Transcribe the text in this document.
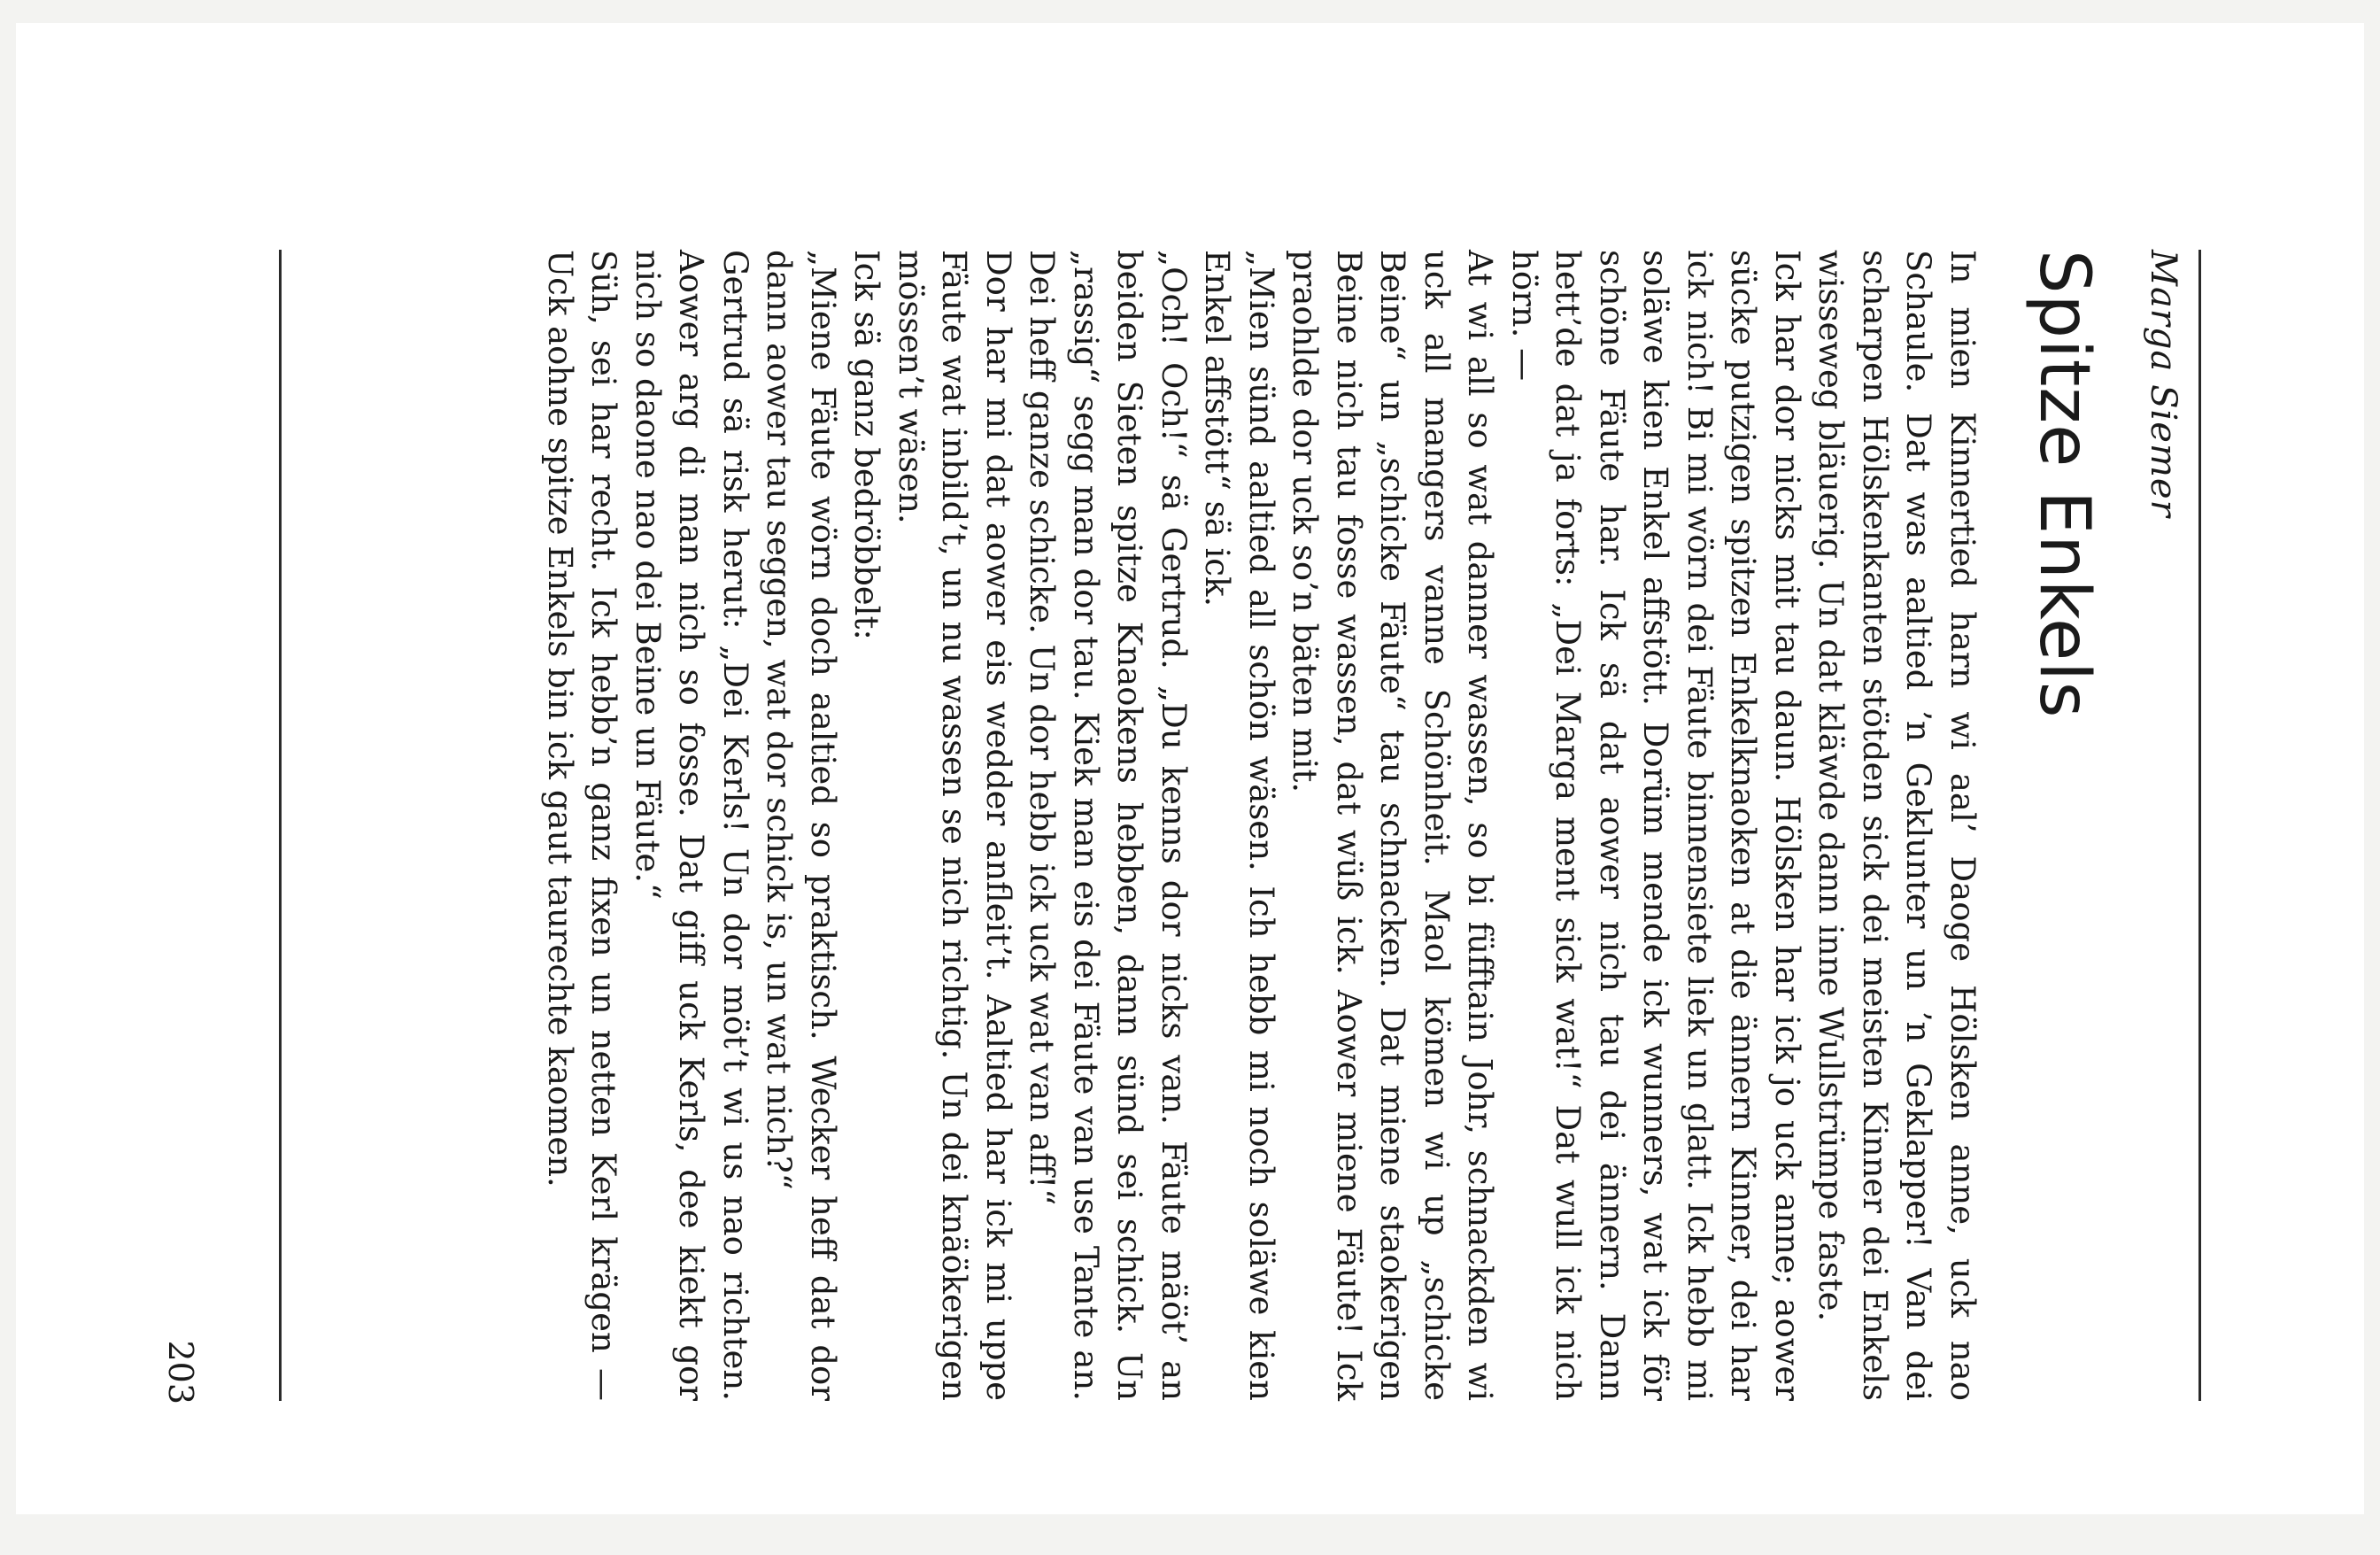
Marga Siemer
Spitze Enkels

In mien Kinnertied harn wi aal’ Daoge Hölsken anne, uck nao Schaule. Dat was aaltied ’n Geklunter un ’n Geklapper! Van dei scharpen Hölskenkanten stötden sick dei meisten Kinner dei Enkels wisseweg bläuerig. Un dat kläwde dann inne Wullstrümpe faste.

Ick har dor nicks mit tau daun. Hölsken har ick jo uck anne; aower sücke putzigen spitzen Enkelknaoken at die ännern Kinner, dei har ick nich! Bi mi wörn dei Fäute binnensiete liek un glatt. Ick hebb mi soläwe kien Enkel affstött. Dorüm mende ick wunners, wat ick för schöne Fäute har. Ick sä dat aower nich tau dei ännern. Dann hett’de dat ja forts: „Dei Marga ment sick wat!“ Dat wull ick nich hörn. —

At wi all so wat danner wassen, so bi füfftain Johr, schnackden wi uck all mangers vanne Schönheit. Maol kömen wi up „schicke Beine“ un „schicke Fäute“ tau schnacken. Dat miene staokerigen Beine nich tau fosse wassen, dat wüß ick. Aower miene Fäute! Ick praohlde dor uck so’n bäten mit.

„Mien sünd aaltied all schön wäsen. Ich hebb mi noch soläwe kien Enkel affstött“ sä ick.

„Och! Och!“ sä Gertrud. „Du kenns dor nicks van. Fäute mäöt’ an beiden Sieten spitze Knaokens hebben, dann sünd sei schick. Un „rassig“ segg man dor tau. Kiek man eis dei Fäute van use Tante an. Dei heff ganze schicke. Un dor hebb ick uck wat van aff!“

Dor har mi dat aower eis wedder anfleit’t. Aaltied har ick mi uppe Fäute wat inbild’t, un nu wassen se nich richtig. Un dei knäökerigen mössen’t wäsen.

Ick sä ganz bedröbbelt:

„Miene Fäute wörn doch aaltied so praktisch. Wecker heff dat dor dann aower tau seggen, wat dor schick is, un wat nich?“

Gertrud sä risk herut: „Dei Kerls! Un dor möt’t wi us nao richten. Aower arg di man nich so fosse. Dat giff uck Kerls, dee kiekt gor nich so daone nao dei Beine un Fäute.“

Süh, sei har recht. Ick hebb’n ganz fixen un netten Kerl krägen — Uck aohne spitze Enkels bin ick gaut taurechte kaomen.

203
